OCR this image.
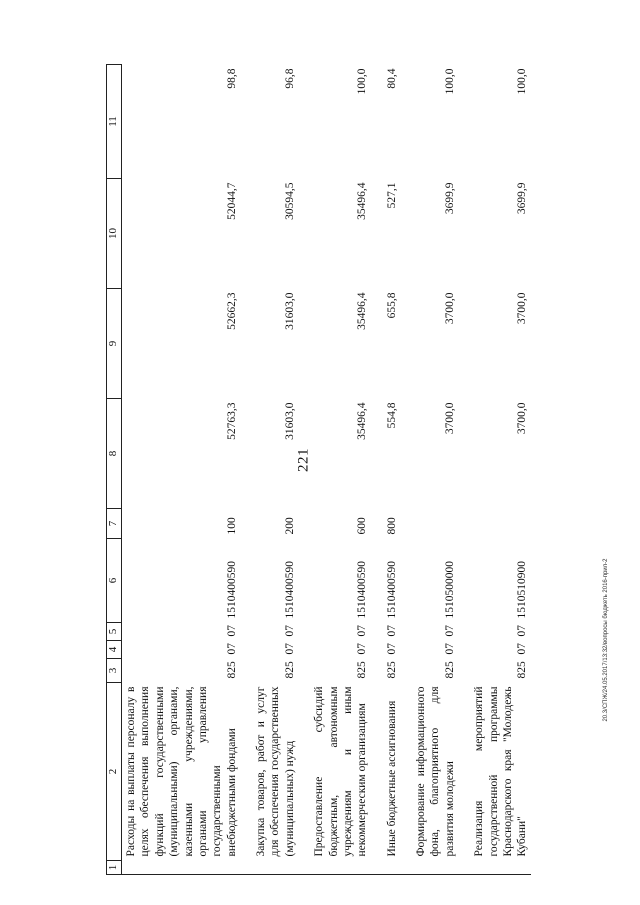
221
20.3/СПЖ/24.05.2017/13:32/вопросы бюджеть 2016-прил-2
1	2	3	4	5	6	7	8	9	10	11
	Расходы на выплаты персоналу в целях обеспечения выполнения функций государственными (муниципальными) органами, казенными учреждениями, органами управления государственными внебюджетными фондами	825	07	07	1510400590	100	52763,3	52662,3	52044,7	98,8
	Закупка товаров, работ и услуг для обеспечения государственных (муниципальных) нужд	825	07	07	1510400590	200	31603,0	31603,0	30594,5	96,8
	Предоставление субсидий бюджетным, автономным учреждениям и иным некоммерческим организациям	825	07	07	1510400590	600	35496,4	35496,4	35496,4	100,0
	Иные бюджетные ассигнования	825	07	07	1510400590	800	554,8	655,8	527,1	80,4
	Формирование информационного фона, благоприятного для развития молодежи	825	07	07	1510500000		3700,0	3700,0	3699,9	100,0
	Реализация мероприятий государственной программы Краснодарского края "Молодежь Кубани"	825	07	07	1510510900		3700,0	3700,0	3699,9	100,0
